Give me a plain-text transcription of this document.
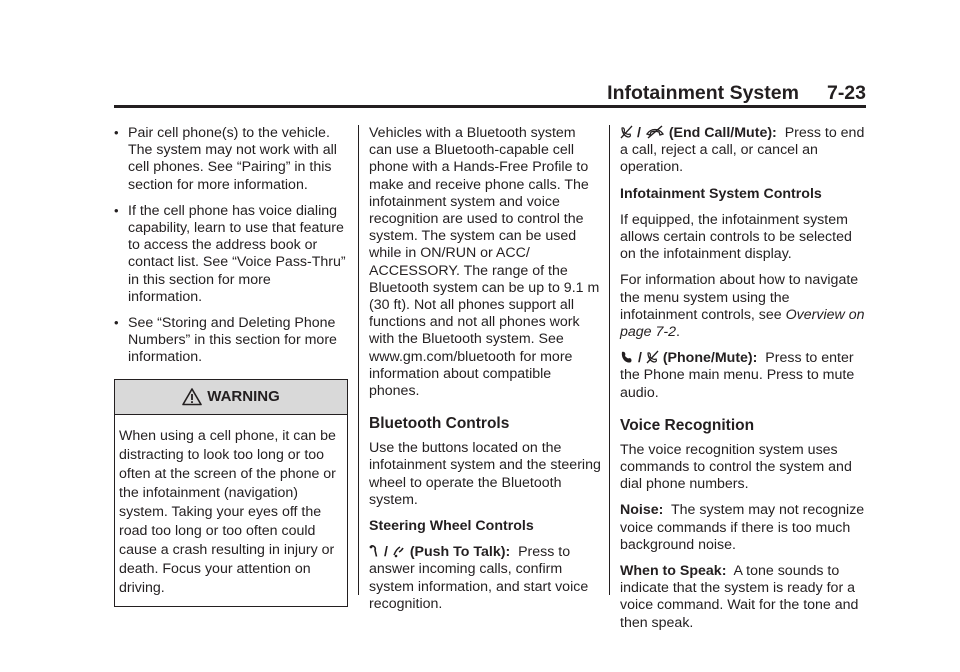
Infotainment System 7-23
• Pair cell phone(s) to the vehicle. The system may not work with all cell phones. See “Pairing” in this section for more information.
• If the cell phone has voice dialing capability, learn to use that feature to access the address book or contact list. See “Voice Pass-Thru” in this section for more information.
• See “Storing and Deleting Phone Numbers” in this section for more information.
WARNING
When using a cell phone, it can be distracting to look too long or too often at the screen of the phone or the infotainment (navigation) system. Taking your eyes off the road too long or too often could cause a crash resulting in injury or death. Focus your attention on driving.

Vehicles with a Bluetooth system can use a Bluetooth-capable cell phone with a Hands-Free Profile to make and receive phone calls. The infotainment system and voice recognition are used to control the system. The system can be used while in ON/RUN or ACC/ ACCESSORY. The range of the Bluetooth system can be up to 9.1 m (30 ft). Not all phones support all functions and not all phones work with the Bluetooth system. See www.gm.com/bluetooth for more information about compatible phones.

Bluetooth Controls

Use the buttons located on the infotainment system and the steering wheel to operate the Bluetooth system.

Steering Wheel Controls

/ (Push To Talk): Press to answer incoming calls, confirm system information, and start voice recognition.

/ (End Call/Mute): Press to end a call, reject a call, or cancel an operation.

Infotainment System Controls

If equipped, the infotainment system allows certain controls to be selected on the infotainment display.

For information about how to navigate the menu system using the infotainment controls, see Overview on page 7-2.

/ (Phone/Mute): Press to enter the Phone main menu. Press to mute audio.

Voice Recognition

The voice recognition system uses commands to control the system and dial phone numbers.

Noise: The system may not recognize voice commands if there is too much background noise.

When to Speak: A tone sounds to indicate that the system is ready for a voice command. Wait for the tone and then speak.
